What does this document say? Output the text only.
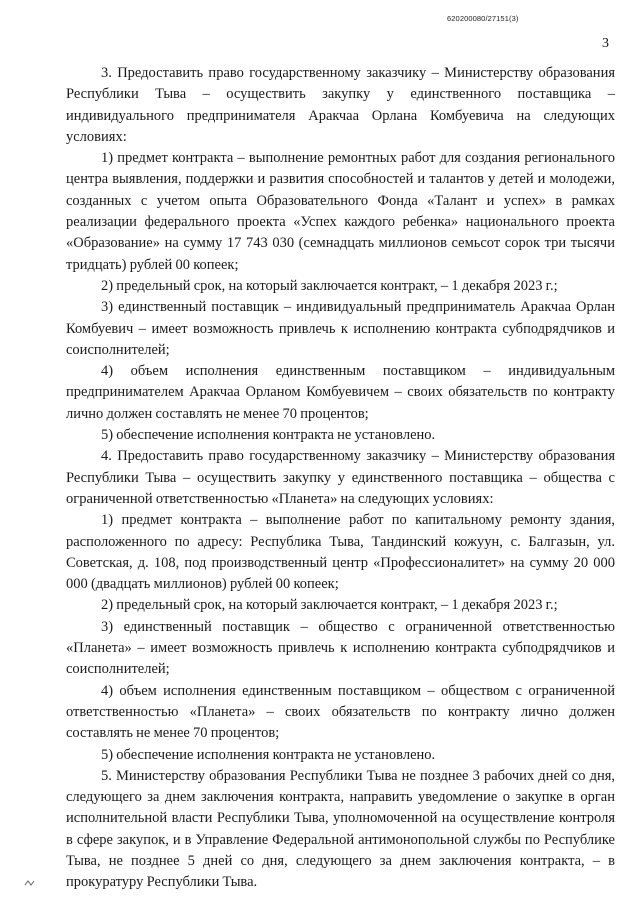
620200080/27151(3)
3

3. Предоставить право государственному заказчику – Министерству образования Республики Тыва – осуществить закупку у единственного поставщика – индивидуального предпринимателя Аракчаа Орлана Комбуевича на следующих условиях:

1) предмет контракта – выполнение ремонтных работ для создания регионального центра выявления, поддержки и развития способностей и талантов у детей и молодежи, созданных с учетом опыта Образовательного Фонда «Талант и успех» в рамках реализации федерального проекта «Успех каждого ребенка» национального проекта «Образование» на сумму 17 743 030 (семнадцать миллионов семьсот сорок три тысячи тридцать) рублей 00 копеек;

2) предельный срок, на который заключается контракт, – 1 декабря 2023 г.;

3) единственный поставщик – индивидуальный предприниматель Аракчаа Орлан Комбуевич – имеет возможность привлечь к исполнению контракта субподрядчиков и соисполнителей;

4) объем исполнения единственным поставщиком – индивидуальным предпринимателем Аракчаа Орланом Комбуевичем – своих обязательств по контракту лично должен составлять не менее 70 процентов;

5) обеспечение исполнения контракта не установлено.

4. Предоставить право государственному заказчику – Министерству образования Республики Тыва – осуществить закупку у единственного поставщика – общества с ограниченной ответственностью «Планета» на следующих условиях:

1) предмет контракта – выполнение работ по капитальному ремонту здания, расположенного по адресу: Республика Тыва, Тандинский кожуун, с. Балгазын, ул. Советская, д. 108, под производственный центр «Профессионалитет» на сумму 20 000 000 (двадцать миллионов) рублей 00 копеек;

2) предельный срок, на который заключается контракт, – 1 декабря 2023 г.;

3) единственный поставщик – общество с ограниченной ответственностью «Планета» – имеет возможность привлечь к исполнению контракта субподрядчиков и соисполнителей;

4) объем исполнения единственным поставщиком – обществом с ограниченной ответственностью «Планета» – своих обязательств по контракту лично должен составлять не менее 70 процентов;

5) обеспечение исполнения контракта не установлено.

5. Министерству образования Республики Тыва не позднее 3 рабочих дней со дня, следующего за днем заключения контракта, направить уведомление о закупке в орган исполнительной власти Республики Тыва, уполномоченной на осуществление контроля в сфере закупок, и в Управление Федеральной антимонопольной службы по Республике Тыва, не позднее 5 дней со дня, следующего за днем заключения контракта, – в прокуратуру Республики Тыва.
